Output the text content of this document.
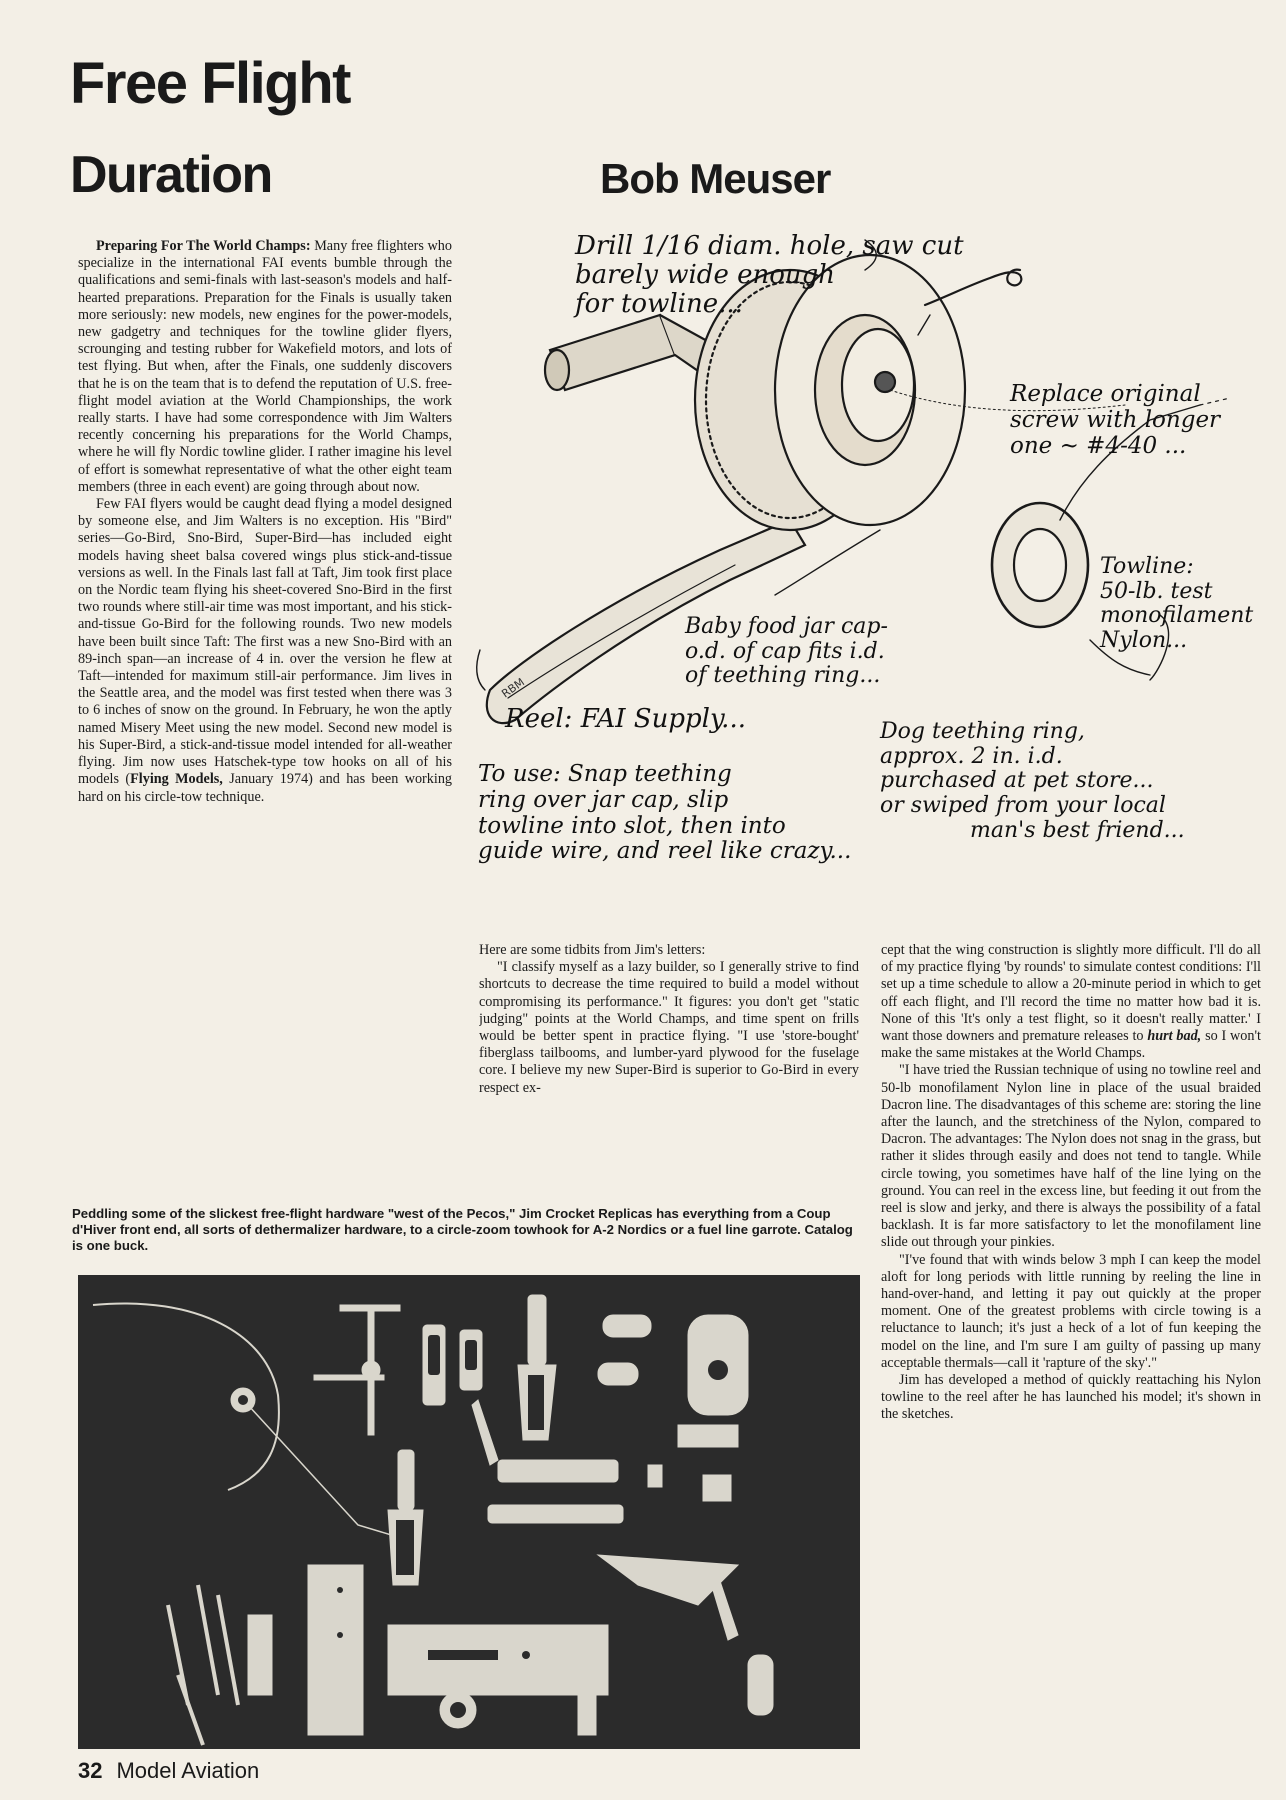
Free Flight
Duration	Bob Meuser
RBM
Drill 1/16 diam. hole, saw cut
barely wide enough
for towline...
Replace original
screw with longer
one ~ #4-40 ...
Towline:
50-lb. test
monofilament
Nylon...
Baby food jar cap-
o.d. of cap fits i.d.
of teething ring...
Reel: FAI Supply...	Dog teething ring,
approx. 2 in. i.d.
purchased at pet store...
or swiped from your local
man's best friend...
To use: Snap teething
ring over jar cap, slip
towline into slot, then into
guide wire, and reel like crazy...

Preparing For The World Champs: Many free flighters who specialize in the international FAI events bumble through the qualifications and semi-finals with last-season's models and half-hearted preparations. Preparation for the Finals is usually taken more seriously: new models, new engines for the power-models, new gadgetry and techniques for the towline glider flyers, scrounging and testing rubber for Wakefield motors, and lots of test flying. But when, after the Finals, one suddenly discovers that he is on the team that is to defend the reputation of U.S. free-flight model aviation at the World Championships, the work really starts. I have had some correspondence with Jim Walters recently concerning his preparations for the World Champs, where he will fly Nordic towline glider. I rather imagine his level of effort is somewhat representative of what the other eight team members (three in each event) are going through about now.

Few FAI flyers would be caught dead flying a model designed by someone else, and Jim Walters is no exception. His "Bird" series—Go-Bird, Sno-Bird, Super-Bird—has included eight models having sheet balsa covered wings plus stick-and-tissue versions as well. In the Finals last fall at Taft, Jim took first place on the Nordic team flying his sheet-covered Sno-Bird in the first two rounds where still-air time was most important, and his stick-and-tissue Go-Bird for the following rounds. Two new models have been built since Taft: The first was a new Sno-Bird with an 89-inch span—an increase of 4 in. over the version he flew at Taft—intended for maximum still-air performance. Jim lives in the Seattle area, and the model was first tested when there was 3 to 6 inches of snow on the ground. In February, he won the aptly named Misery Meet using the new model. Second new model is his Super-Bird, a stick-and-tissue model intended for all-weather flying. Jim now uses Hatschek-type tow hooks on all of his models (Flying Models, January 1974) and has been working hard on his circle-tow technique.

Here are some tidbits from Jim's letters:

"I classify myself as a lazy builder, so I generally strive to find shortcuts to decrease the time required to build a model without compromising its performance." It figures: you don't get "static judging" points at the World Champs, and time spent on frills would be better spent in practice flying. "I use 'store-bought' fiberglass tailbooms, and lumber-yard plywood for the fuselage core. I believe my new Super-Bird is superior to Go-Bird in every respect ex-

cept that the wing construction is slightly more difficult. I'll do all of my practice flying 'by rounds' to simulate contest conditions: I'll set up a time schedule to allow a 20-minute period in which to get off each flight, and I'll record the time no matter how bad it is. None of this 'It's only a test flight, so it doesn't really matter.' I want those downers and premature releases to hurt bad, so I won't make the same mistakes at the World Champs.

"I have tried the Russian technique of using no towline reel and 50-lb monofilament Nylon line in place of the usual braided Dacron line. The disadvantages of this scheme are: storing the line after the launch, and the stretchiness of the Nylon, compared to Dacron. The advantages: The Nylon does not snag in the grass, but rather it slides through easily and does not tend to tangle. While circle towing, you sometimes have half of the line lying on the ground. You can reel in the excess line, but feeding it out from the reel is slow and jerky, and there is always the possibility of a fatal backlash. It is far more satisfactory to let the monofilament line slide out through your pinkies.

"I've found that with winds below 3 mph I can keep the model aloft for long periods with little running by reeling the line in hand-over-hand, and letting it pay out quickly at the proper moment. One of the greatest problems with circle towing is a reluctance to launch; it's just a heck of a lot of fun keeping the model on the line, and I'm sure I am guilty of passing up many acceptable thermals—call it 'rapture of the sky'."

Jim has developed a method of quickly reattaching his Nylon towline to the reel after he has launched his model; it's shown in the sketches.

Peddling some of the slickest free-flight hardware "west of the Pecos," Jim Crocket Replicas has everything from a Coup d'Hiver front end, all sorts of dethermalizer hardware, to a circle-zoom towhook for A-2 Nordics or a fuel line garrote. Catalog is one buck.

32 Model Aviation
